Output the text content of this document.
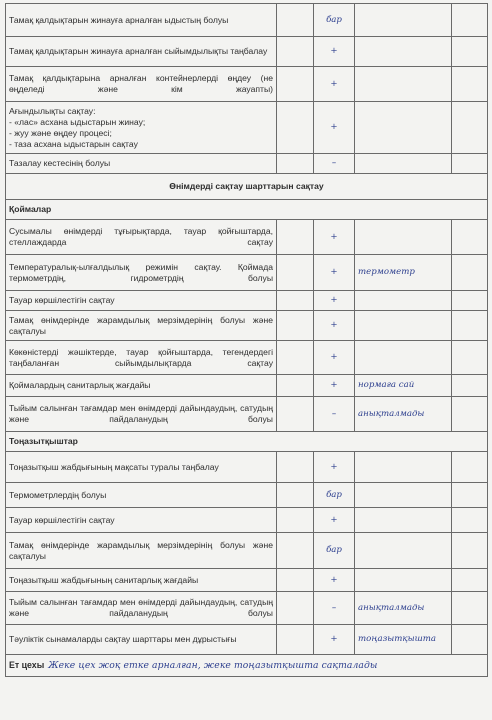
Тамақ қалдықтарын жинауға арналған ыдыстың болуы		бар		
Тамақ қалдықтарын жинауға арналған сыйымдылықты таңбалау		+		
Тамақ қалдықтарына арналған контейнерлерді өңдеу (не өңделеді және кім жауапты)		+		
Ағындылықты сақтау:
- «лас» асхана ыдыстарын жинау;
- жуу және өңдеу процесі;
- таза асхана ыдыстарын сақтау		+		
Тазалау кестесінің болуы		–		
Өнімдерді сақтау шарттарын сақтау				
Қоймалар				
Сусымалы өнімдерді тұғырықтарда, тауар қойғыштарда, стеллаждарда сақтау		+		
Температуралық-ылғалдылық режимін сақтау. Қоймада термометрдің, гидрометрдің болуы		+	термометр	
Тауар көршілестігін сақтау		+		
Тамақ өнімдерінде жарамдылық мерзімдерінің болуы және сақталуы		+		
Көкөністерді жәшіктерде, тауар қойғыштарда, тегендердегі таңбаланған сыйымдылықтарда сақтау		+		
Қоймалардың санитарлық жағдайы		+	нормаға сай	
Тыйым салынған тағамдар мен өнімдерді дайындаудың, сатудың және пайдаланудың болуы		–	анықталмады	
Тоңазытқыштар				
Тоңазытқыш жабдығының мақсаты туралы таңбалау		+		
Термометрлердің болуы		бар		
Тауар көршілестігін сақтау		+		
Тамақ өнімдерінде жарамдылық мерзімдерінің болуы және сақталуы		бар		
Тоңазытқыш жабдығының санитарлық жағдайы		+		
Тыйым салынған тағамдар мен өнімдерді дайындаудың, сатудың және пайдаланудың болуы		–	анықталмады	
Тәуліктік сынамаларды сақтау шарттары мен дұрыстығы		+	тоңазытқышта	
Ет цехы Жеке цех жоқ етке арналған, жеке тоңазытқышта сақталады				
